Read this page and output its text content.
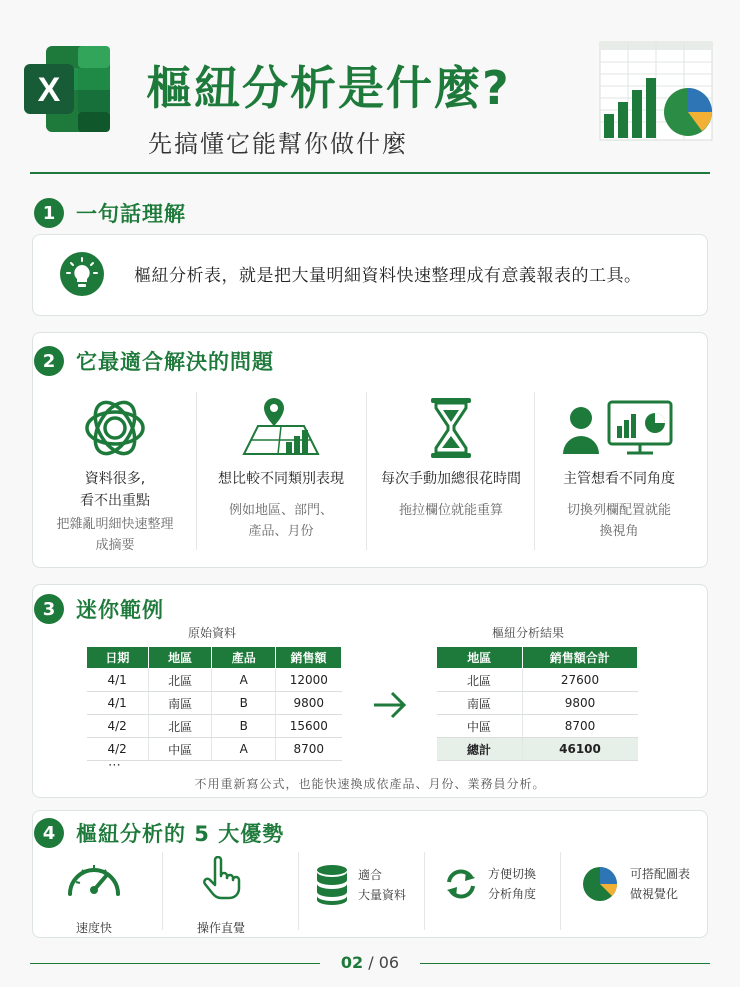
X 樞紐分析是什麼?
先搞懂它能幫你做什麼
1 一句話理解
樞紐分析表，就是把大量明細資料快速整理成有意義報表的工具。
2 它最適合解決的問題
資料很多,
看不出重點
把雜亂明細快速整理
成摘要
想比較不同類別表現
例如地區、部門、
產品、月份
每次手動加總很花時間
拖拉欄位就能重算
主管想看不同角度
切換列欄配置就能
換視角
3 迷你範例
原始資料
日期	地區	產品	銷售額
4/1	北區	A	12000
4/1	南區	B	9800
4/2	北區	B	15600
4/2	中區	A	8700
⋯
樞紐分析結果
地區	銷售額合計
北區	27600
南區	9800
中區	8700
總計	46100
不用重新寫公式，也能快速換成依產品、月份、業務員分析。
4 樞紐分析的 5 大優勢
速度快	操作直覺
適合
大量資料
方便切換
分析角度
可搭配圖表
做視覺化
02 / 06
